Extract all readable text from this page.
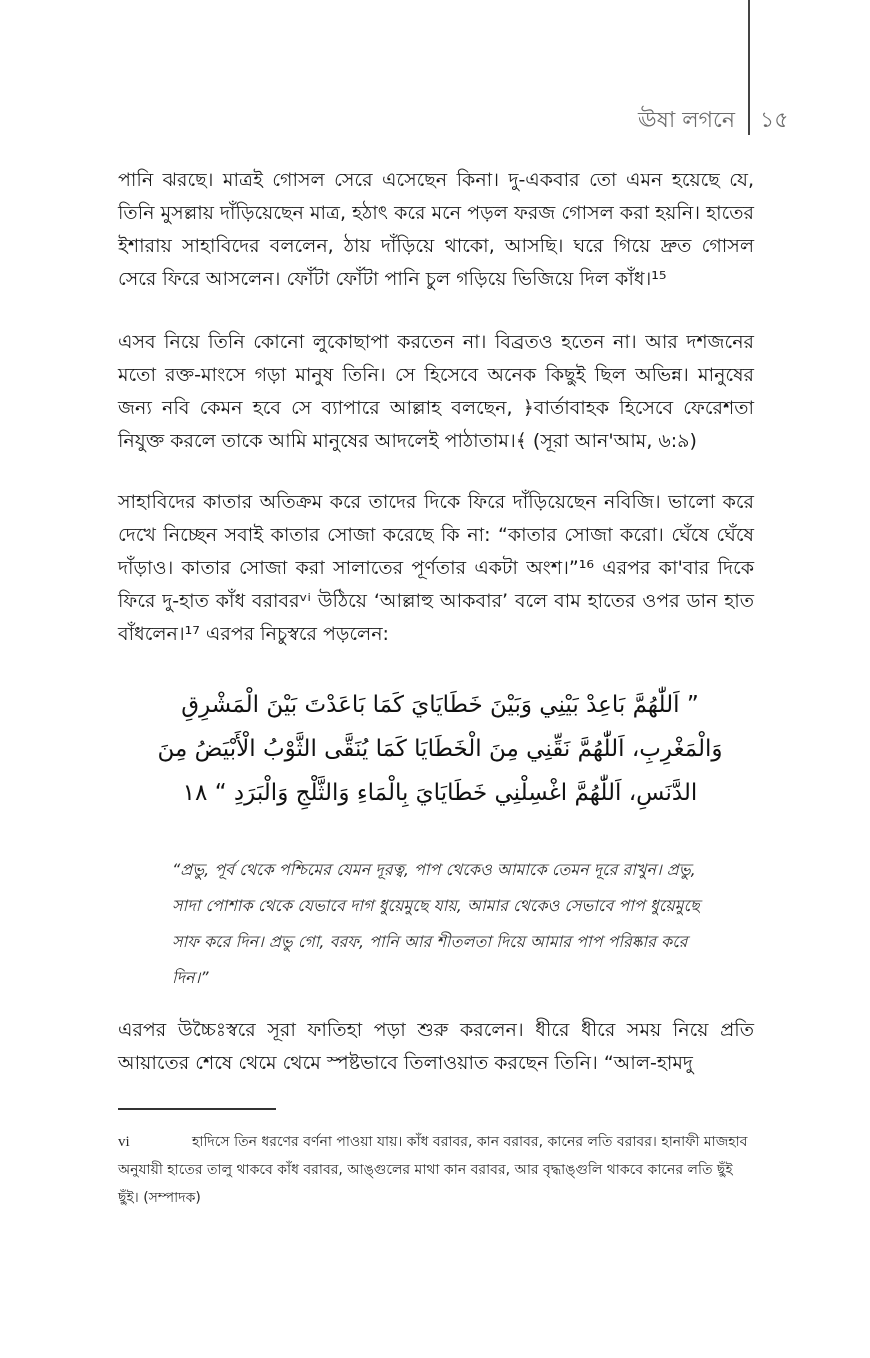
ঊষা লগনে ১৫
পানি ঝরছে। মাত্রই গোসল সেরে এসেছেন কিনা। দু-একবার তো এমন হয়েছে যে, তিনি মুসল্লায় দাঁড়িয়েছেন মাত্র, হঠাৎ করে মনে পড়ল ফরজ গোসল করা হয়নি। হাতের ইশারায় সাহাবিদের বললেন, ঠায় দাঁড়িয়ে থাকো, আসছি। ঘরে গিয়ে দ্রুত গোসল সেরে ফিরে আসলেন। ফোঁটা ফোঁটা পানি চুল গড়িয়ে ভিজিয়ে দিল কাঁধ।¹⁵
এসব নিয়ে তিনি কোনো লুকোছাপা করতেন না। বিব্রতও হতেন না। আর দশজনের মতো রক্ত-মাংসে গড়া মানুষ তিনি। সে হিসেবে অনেক কিছুই ছিল অভিন্ন। মানুষের জন্য নবি কেমন হবে সে ব্যাপারে আল্লাহ বলছেন, ﴿বার্তাবাহক হিসেবে ফেরেশতা নিযুক্ত করলে তাকে আমি মানুষের আদলেই পাঠাতাম।﴾ (সূরা আন'আম, ৬:৯)
সাহাবিদের কাতার অতিক্রম করে তাদের দিকে ফিরে দাঁড়িয়েছেন নবিজি। ভালো করে দেখে নিচ্ছেন সবাই কাতার সোজা করেছে কি না: “কাতার সোজা করো। ঘেঁষে ঘেঁষে দাঁড়াও। কাতার সোজা করা সালাতের পূর্ণতার একটা অংশ।”¹⁶ এরপর কা'বার দিকে ফিরে দু-হাত কাঁধ বরাবরᵛⁱ উঠিয়ে ‘আল্লাহু আকবার’ বলে বাম হাতের ওপর ডান হাত বাঁধলেন।¹⁷ এরপর নিচুস্বরে পড়লেন:
” اَللّٰهُمَّ بَاعِدْ بَيْنِي وَبَيْنَ خَطَايَايَ كَمَا بَاعَدْتَ بَيْنَ الْمَشْرِقِ وَالْمَغْرِبِ، اَللّٰهُمَّ نَقِّنِي مِنَ الْخَطَايَا كَمَا يُنَقَّى الثَّوْبُ الْأَبْيَضُ مِنَ الدَّنَسِ، اَللّٰهُمَّ اغْسِلْنِي خَطَايَايَ بِالْمَاءِ وَالثَّلْجِ وَالْبَرَدِ “ ١٨
“প্রভু, পূর্ব থেকে পশ্চিমের যেমন দূরত্ব, পাপ থেকেও আমাকে তেমন দূরে রাখুন। প্রভু, সাদা পোশাক থেকে যেভাবে দাগ ধুয়েমুছে যায়, আমার থেকেও সেভাবে পাপ ধুয়েমুছে সাফ করে দিন। প্রভু গো, বরফ, পানি আর শীতলতা দিয়ে আমার পাপ পরিষ্কার করে দিন।”
এরপর উচ্চৈঃস্বরে সূরা ফাতিহা পড়া শুরু করলেন। ধীরে ধীরে সময় নিয়ে প্রতি আয়াতের শেষে থেমে থেমে স্পষ্টভাবে তিলাওয়াত করছেন তিনি। “আল-হামদু
vi	হাদিসে তিন ধরণের বর্ণনা পাওয়া যায়। কাঁধ বরাবর, কান বরাবর, কানের লতি বরাবর। হানাফী মাজহাব অনুযায়ী হাতের তালু থাকবে কাঁধ বরাবর, আঙ্গুলের মাথা কান বরাবর, আর বৃদ্ধাঙ্গুলি থাকবে কানের লতি ছুঁই ছুঁই। (সম্পাদক)
